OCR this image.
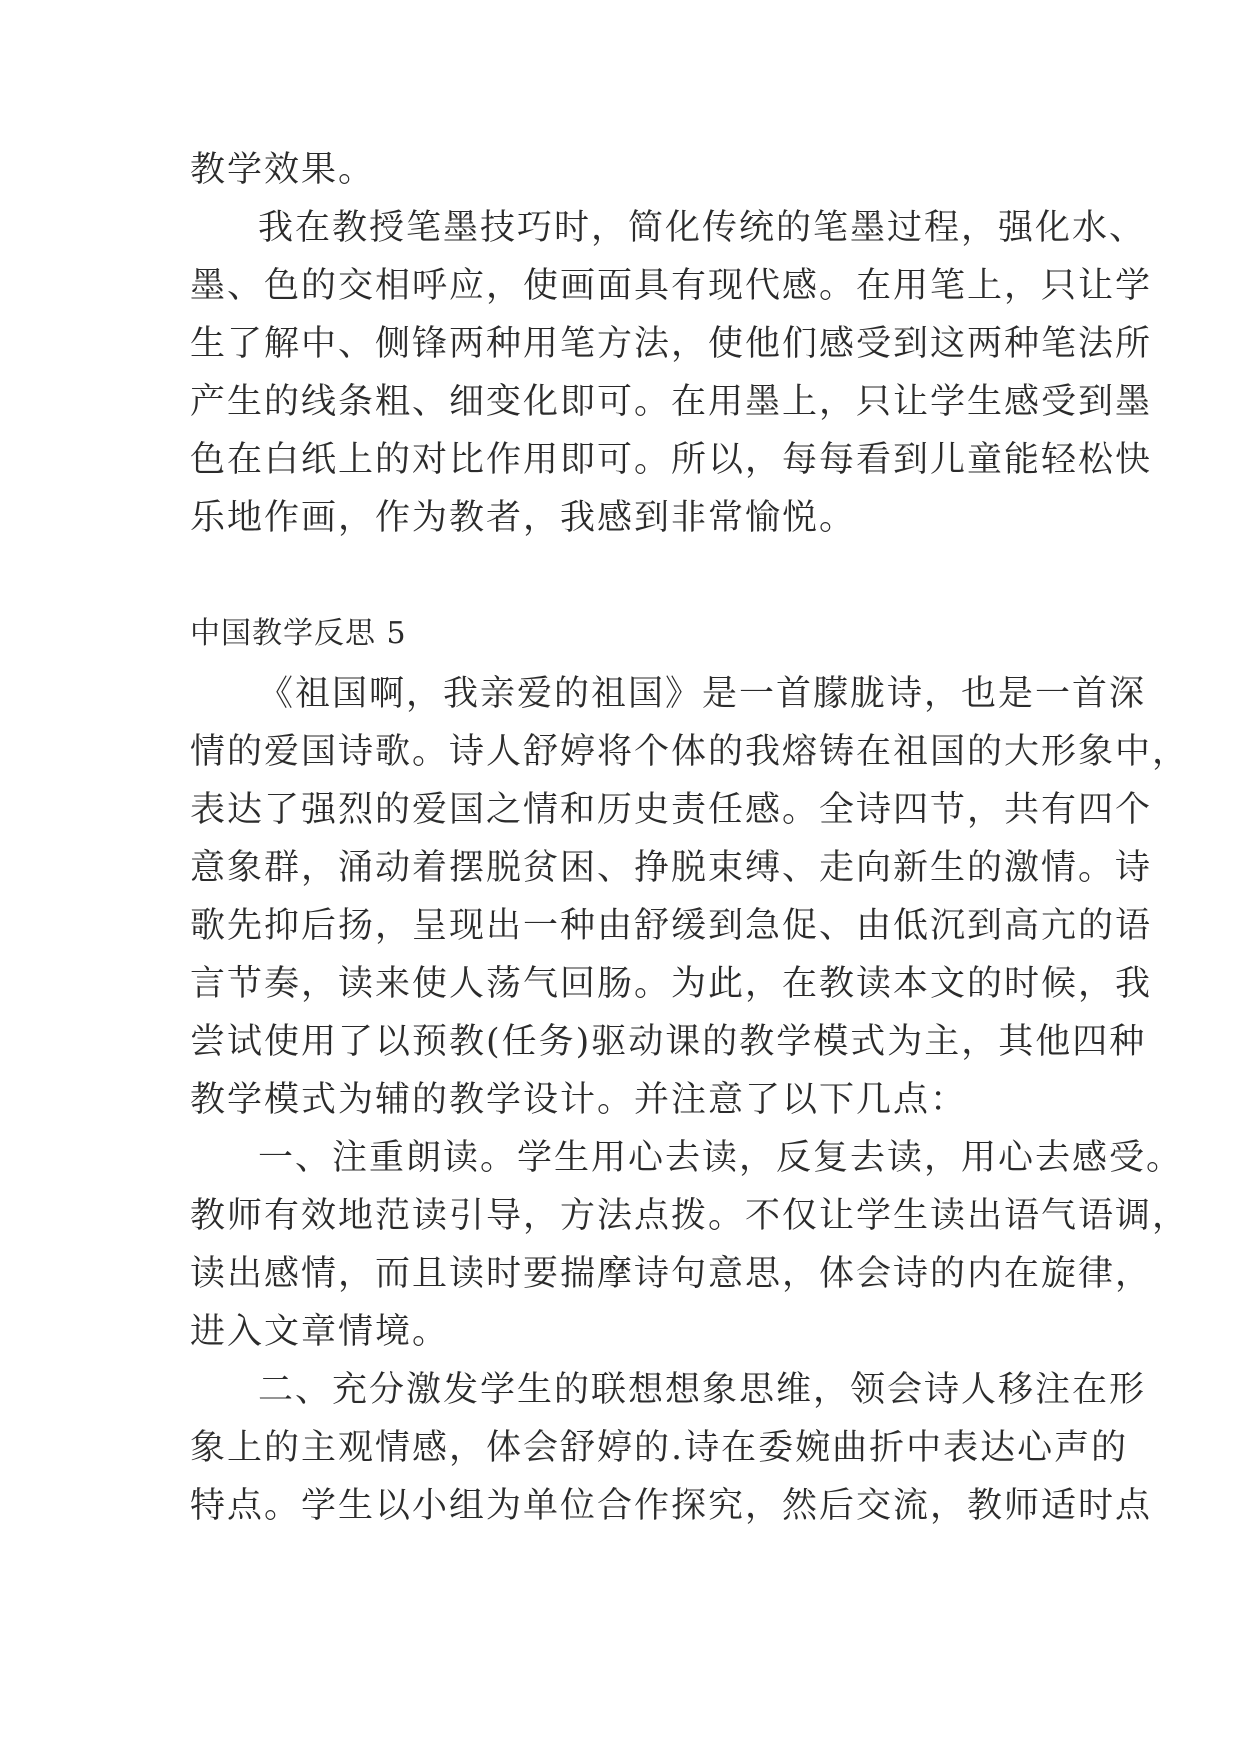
教学效果。
我在教授笔墨技巧时，简化传统的笔墨过程，强化水、
墨、色的交相呼应，使画面具有现代感。在用笔上，只让学
生了解中、侧锋两种用笔方法，使他们感受到这两种笔法所
产生的线条粗、细变化即可。在用墨上，只让学生感受到墨
色在白纸上的对比作用即可。所以，每每看到儿童能轻松快
乐地作画，作为教者，我感到非常愉悦。
中国教学反思 5
《祖国啊，我亲爱的祖国》是一首朦胧诗，也是一首深
情的爱国诗歌。诗人舒婷将个体的我熔铸在祖国的大形象中，
表达了强烈的爱国之情和历史责任感。全诗四节，共有四个
意象群，涌动着摆脱贫困、挣脱束缚、走向新生的激情。诗
歌先抑后扬，呈现出一种由舒缓到急促、由低沉到高亢的语
言节奏，读来使人荡气回肠。为此，在教读本文的时候，我
尝试使用了以预教(任务)驱动课的教学模式为主，其他四种
教学模式为辅的教学设计。并注意了以下几点：
一、注重朗读。学生用心去读，反复去读，用心去感受。
教师有效地范读引导，方法点拨。不仅让学生读出语气语调，
读出感情，而且读时要揣摩诗句意思，体会诗的内在旋律，
进入文章情境。
二、充分激发学生的联想想象思维，领会诗人移注在形
象上的主观情感，体会舒婷的.诗在委婉曲折中表达心声的
特点。学生以小组为单位合作探究，然后交流，教师适时点
